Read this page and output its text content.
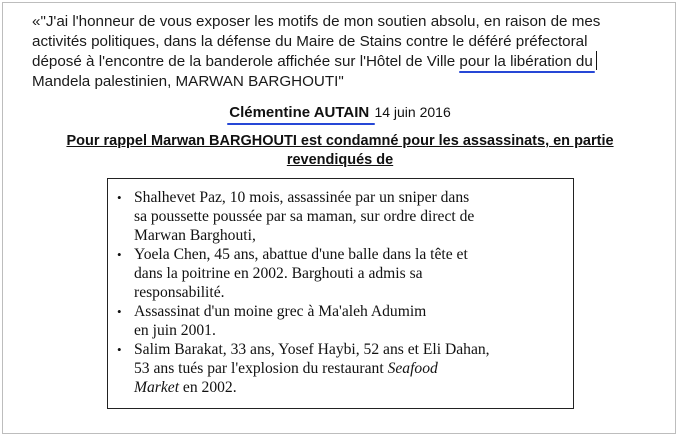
«"J'ai l'honneur de vous exposer les motifs de mon soutien absolu, en raison de mes
activités politiques, dans la défense du Maire de Stains contre le déféré préfectoral
déposé à l'encontre de la banderole affichée sur l'Hôtel de Ville pour la libération du
Mandela palestinien, MARWAN BARGHOUTI"
Clémentine AUTAIN 14 juin 2016
Pour rappel Marwan BARGHOUTI est condamné pour les assassinats, en partie
revendiqués de
• Shalhevet Paz, 10 mois, assassinée par un sniper dans
sa poussette poussée par sa maman, sur ordre direct de
Marwan Barghouti,
• Yoela Chen, 45 ans, abattue d'une balle dans la tête et
dans la poitrine en 2002. Barghouti a admis sa
responsabilité.
• Assassinat d'un moine grec à Ma'aleh Adumim
en juin 2001.
• Salim Barakat, 33 ans, Yosef Haybi, 52 ans et Eli Dahan,
53 ans tués par l'explosion du restaurant Seafood
Market en 2002.
